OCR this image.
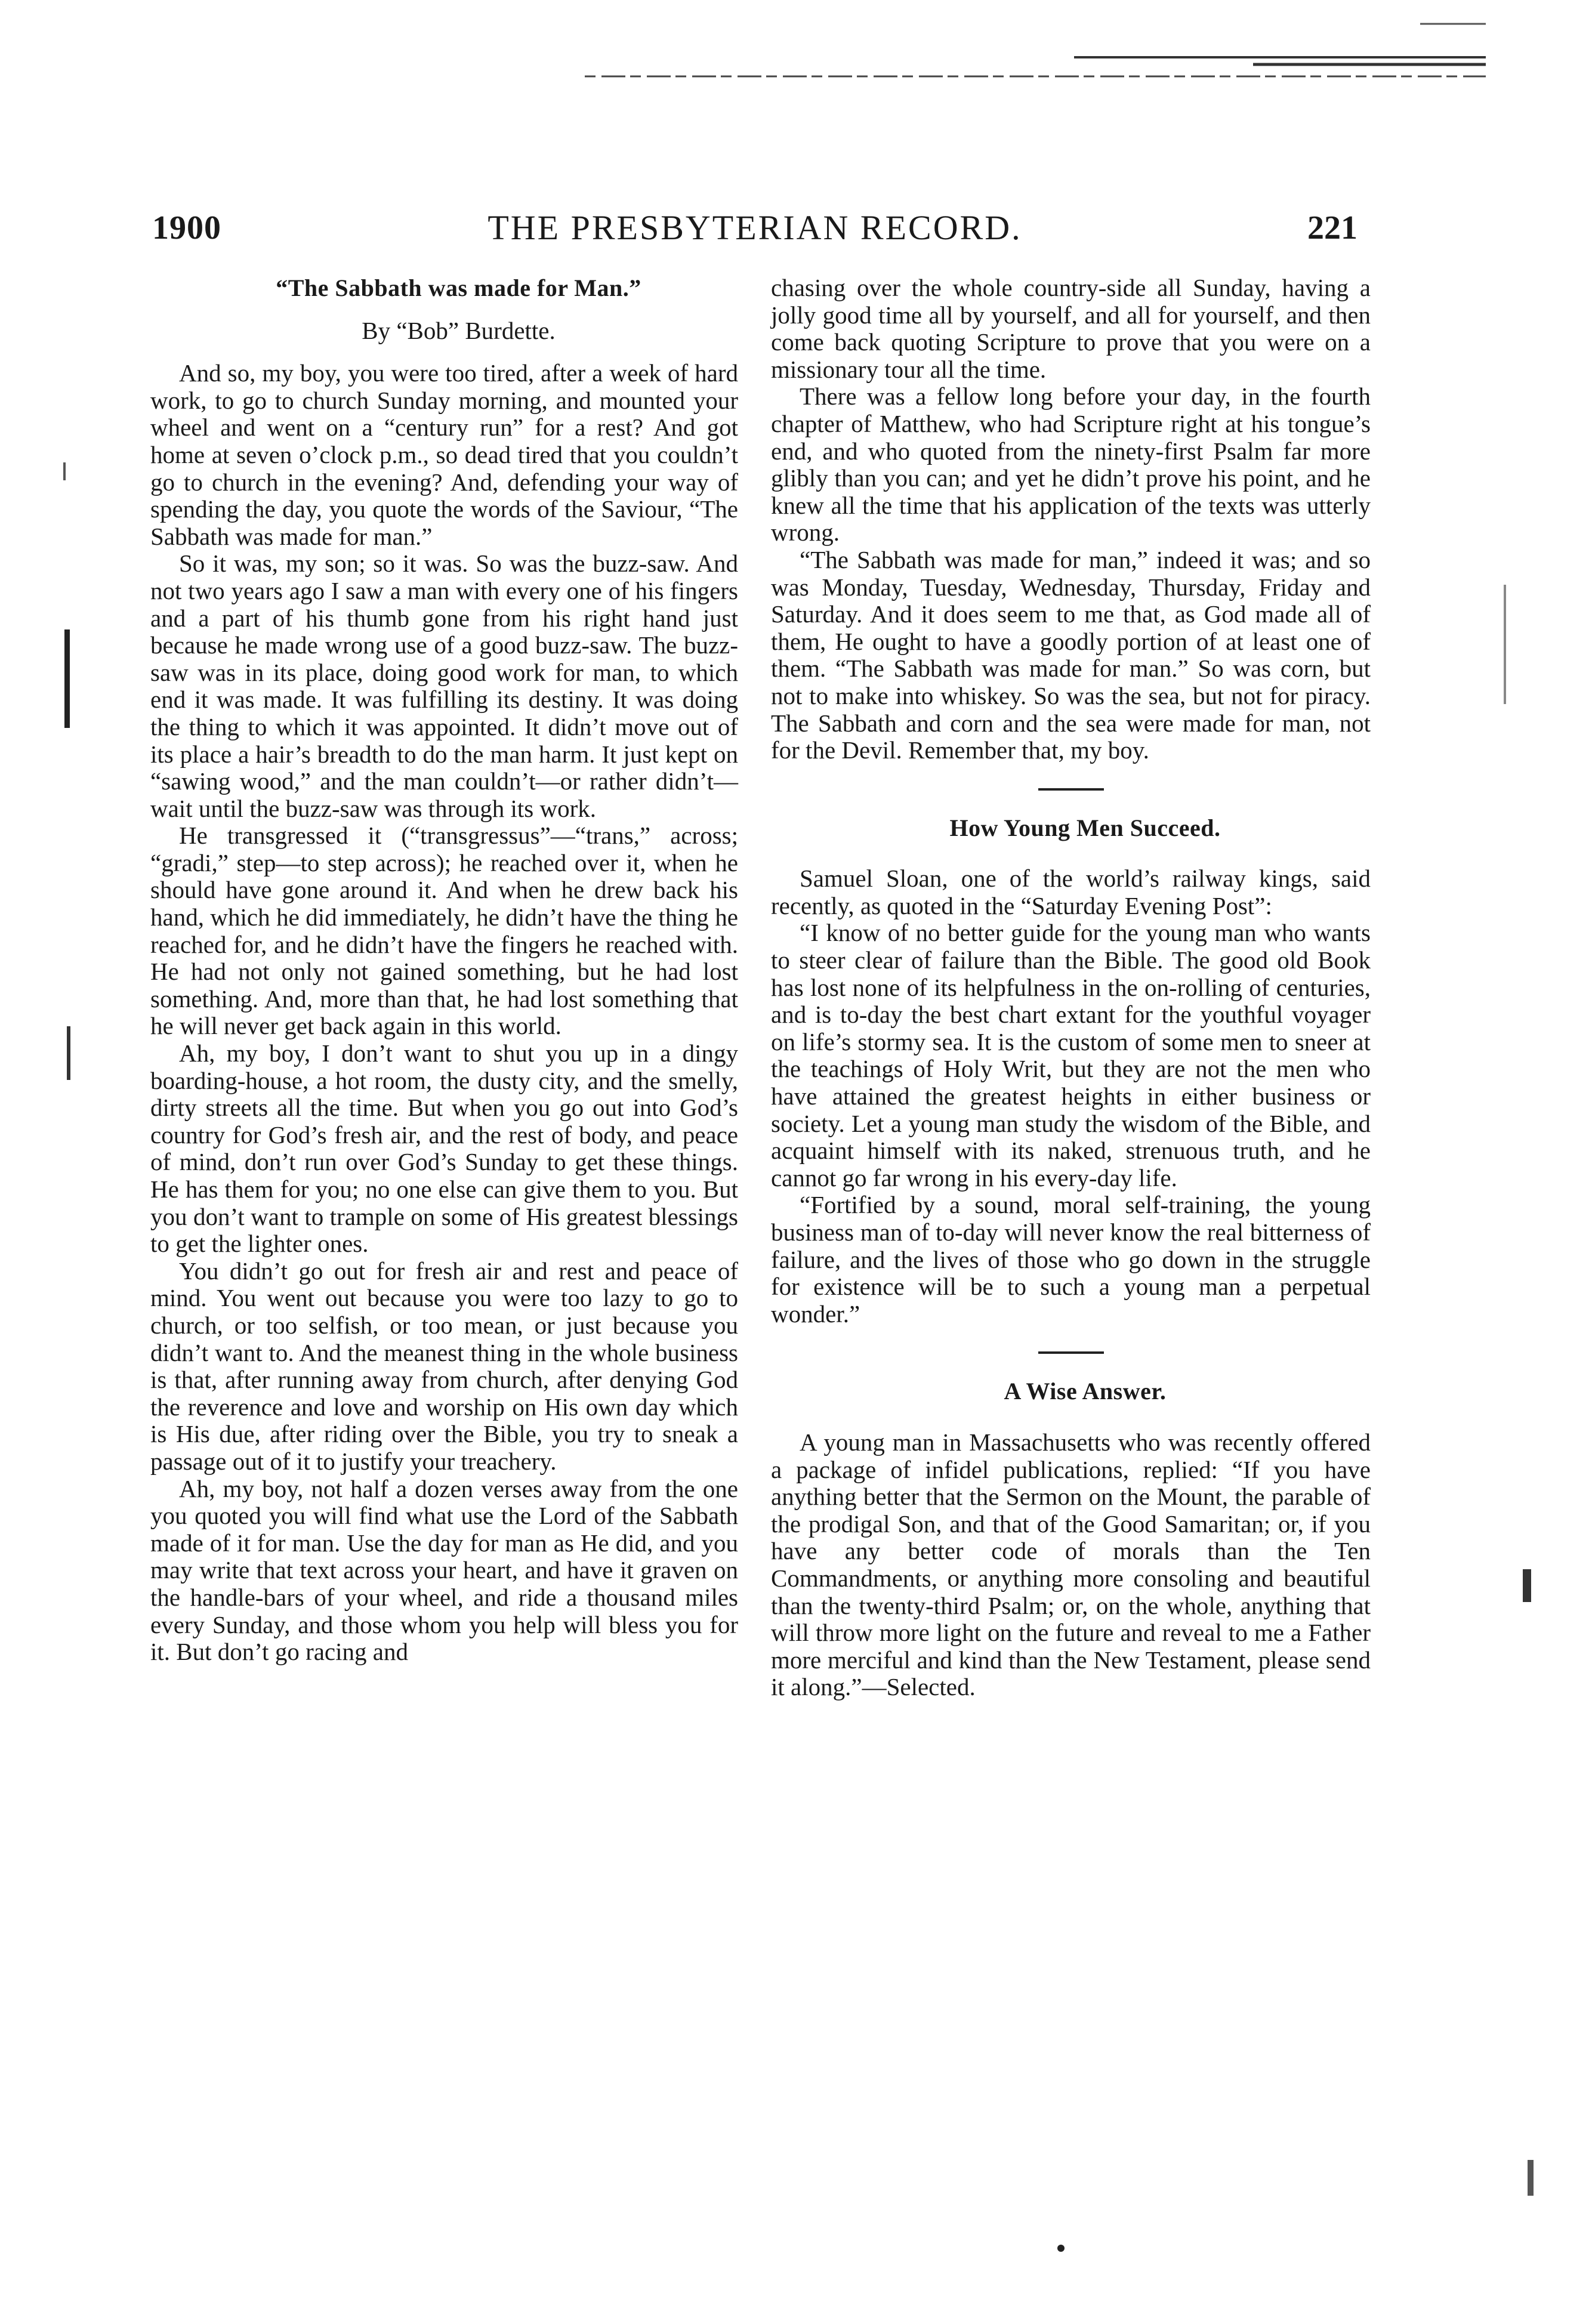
1900	THE PRESBYTERIAN RECORD.	221

“The Sabbath was made for Man.”

By “Bob” Burdette.

And so, my boy, you were too tired, after a week of hard work, to go to church Sunday morning, and mounted your wheel and went on a “century run” for a rest? And got home at seven o’clock p.m., so dead tired that you couldn’t go to church in the evening? And, defending your way of spending the day, you quote the words of the Saviour, “The Sabbath was made for man.”

So it was, my son; so it was. So was the buzz-saw. And not two years ago I saw a man with every one of his fingers and a part of his thumb gone from his right hand just because he made wrong use of a good buzz-saw. The buzz-saw was in its place, doing good work for man, to which end it was made. It was fulfilling its destiny. It was doing the thing to which it was appointed. It didn’t move out of its place a hair’s breadth to do the man harm. It just kept on “sawing wood,” and the man couldn’t—or rather didn’t—wait until the buzz-saw was through its work.

He transgressed it (“transgressus”—“trans,” across; “gradi,” step—to step across); he reached over it, when he should have gone around it. And when he drew back his hand, which he did immediately, he didn’t have the thing he reached for, and he didn’t have the fingers he reached with. He had not only not gained something, but he had lost something. And, more than that, he had lost something that he will never get back again in this world.

Ah, my boy, I don’t want to shut you up in a dingy boarding-house, a hot room, the dusty city, and the smelly, dirty streets all the time. But when you go out into God’s country for God’s fresh air, and the rest of body, and peace of mind, don’t run over God’s Sunday to get these things. He has them for you; no one else can give them to you. But you don’t want to trample on some of His greatest blessings to get the lighter ones.

You didn’t go out for fresh air and rest and peace of mind. You went out because you were too lazy to go to church, or too selfish, or too mean, or just because you didn’t want to. And the meanest thing in the whole business is that, after running away from church, after denying God the reverence and love and worship on His own day which is His due, after riding over the Bible, you try to sneak a passage out of it to justify your treachery.

Ah, my boy, not half a dozen verses away from the one you quoted you will find what use the Lord of the Sabbath made of it for man. Use the day for man as He did, and you may write that text across your heart, and have it graven on the handle-bars of your wheel, and ride a thousand miles every Sunday, and those whom you help will bless you for it. But don’t go racing and

chasing over the whole country-side all Sunday, having a jolly good time all by yourself, and all for yourself, and then come back quoting Scripture to prove that you were on a missionary tour all the time.

There was a fellow long before your day, in the fourth chapter of Matthew, who had Scripture right at his tongue’s end, and who quoted from the ninety-first Psalm far more glibly than you can; and yet he didn’t prove his point, and he knew all the time that his application of the texts was utterly wrong.

“The Sabbath was made for man,” indeed it was; and so was Monday, Tuesday, Wednesday, Thursday, Friday and Saturday. And it does seem to me that, as God made all of them, He ought to have a goodly portion of at least one of them. “The Sabbath was made for man.” So was corn, but not to make into whiskey. So was the sea, but not for piracy. The Sabbath and corn and the sea were made for man, not for the Devil. Remember that, my boy.

How Young Men Succeed.

Samuel Sloan, one of the world’s railway kings, said recently, as quoted in the “Saturday Evening Post”:

“I know of no better guide for the young man who wants to steer clear of failure than the Bible. The good old Book has lost none of its helpfulness in the on-rolling of centuries, and is to-day the best chart extant for the youthful voyager on life’s stormy sea. It is the custom of some men to sneer at the teachings of Holy Writ, but they are not the men who have attained the greatest heights in either business or society. Let a young man study the wisdom of the Bible, and acquaint himself with its naked, strenuous truth, and he cannot go far wrong in his every-day life.

“Fortified by a sound, moral self-training, the young business man of to-day will never know the real bitterness of failure, and the lives of those who go down in the struggle for existence will be to such a young man a perpetual wonder.”

A Wise Answer.

A young man in Massachusetts who was recently offered a package of infidel publications, replied: “If you have anything better that the Sermon on the Mount, the parable of the prodigal Son, and that of the Good Samaritan; or, if you have any better code of morals than the Ten Commandments, or anything more consoling and beautiful than the twenty-third Psalm; or, on the whole, anything that will throw more light on the future and reveal to me a Father more merciful and kind than the New Testament, please send it along.”—Selected.
